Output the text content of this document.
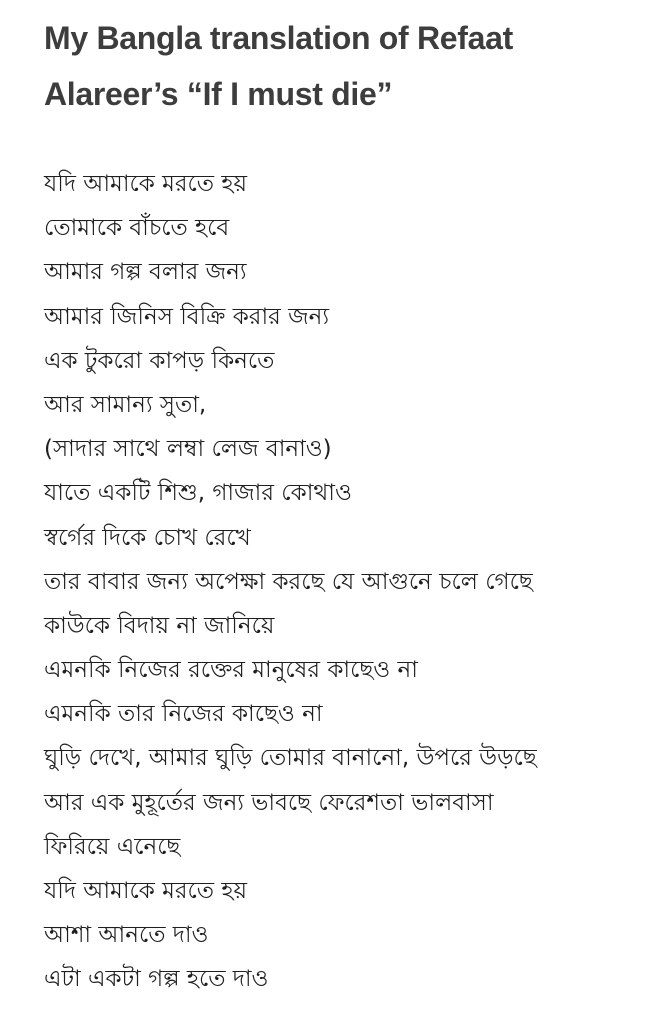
My Bangla translation of Refaat Alareer’s “If I must die”
যদি আমাকে মরতে হয়
তোমাকে বাঁচতে হবে
আমার গল্প বলার জন্য
আমার জিনিস বিক্রি করার জন্য
এক টুকরো কাপড় কিনতে
আর সামান্য সুতা,
(সাদার সাথে লম্বা লেজ বানাও)
যাতে একটি শিশু, গাজার কোথাও
স্বর্গের দিকে চোখ রেখে
তার বাবার জন্য অপেক্ষা করছে যে আগুনে চলে গেছে
কাউকে বিদায় না জানিয়ে
এমনকি নিজের রক্তের মানুষের কাছেও না
এমনকি তার নিজের কাছেও না
ঘুড়ি দেখে, আমার ঘুড়ি তোমার বানানো, উপরে উড়ছে
আর এক মুহূর্তের জন্য ভাবছে ফেরেশতা ভালবাসা
ফিরিয়ে এনেছে
যদি আমাকে মরতে হয়
আশা আনতে দাও
এটা একটা গল্প হতে দাও
